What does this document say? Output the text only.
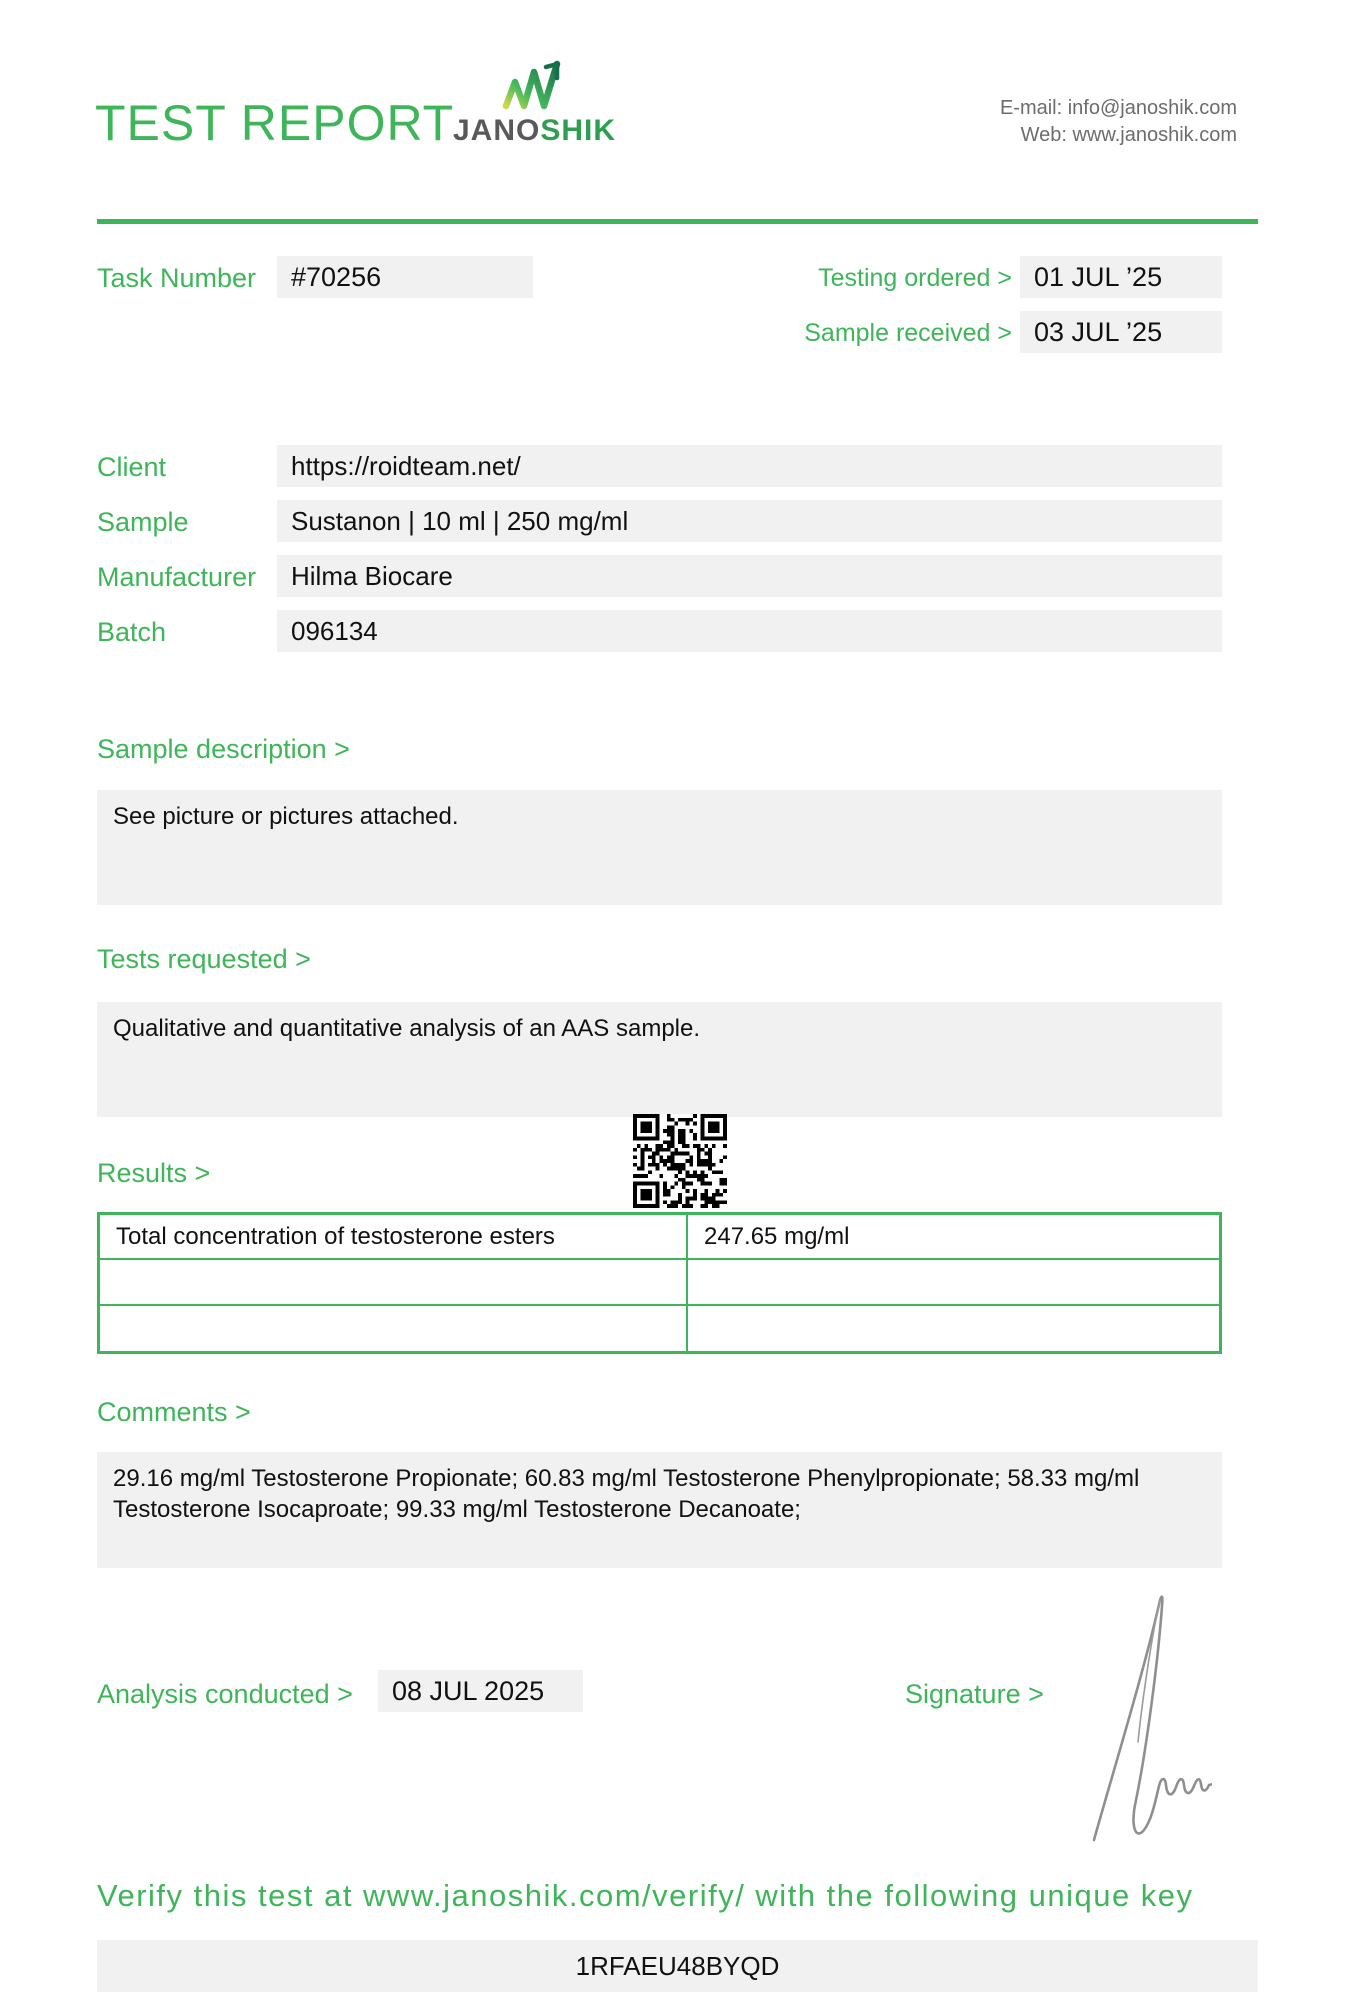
TEST REPORT
JANOSHIK
E-mail: info@janoshik.com
Web: www.janoshik.com
Task Number	#70256	Testing ordered > 01 JUL ’25
Sample received > 03 JUL ’25
Client	https://roidteam.net/
Sample	Sustanon | 10 ml | 250 mg/ml
Manufacturer	Hilma Biocare
Batch	096134
Sample description >
See picture or pictures attached.
Tests requested >
Qualitative and quantitative analysis of an AAS sample.
Results >
Total concentration of testosterone esters	247.65 mg/ml
Comments >
29.16 mg/ml Testosterone Propionate; 60.83 mg/ml Testosterone Phenylpropionate; 58.33 mg/ml Testosterone Isocaproate; 99.33 mg/ml Testosterone Decanoate;
Analysis conducted >	08 JUL 2025	Signature >
Verify this test at www.janoshik.com/verify/ with the following unique key
1RFAEU48BYQD
